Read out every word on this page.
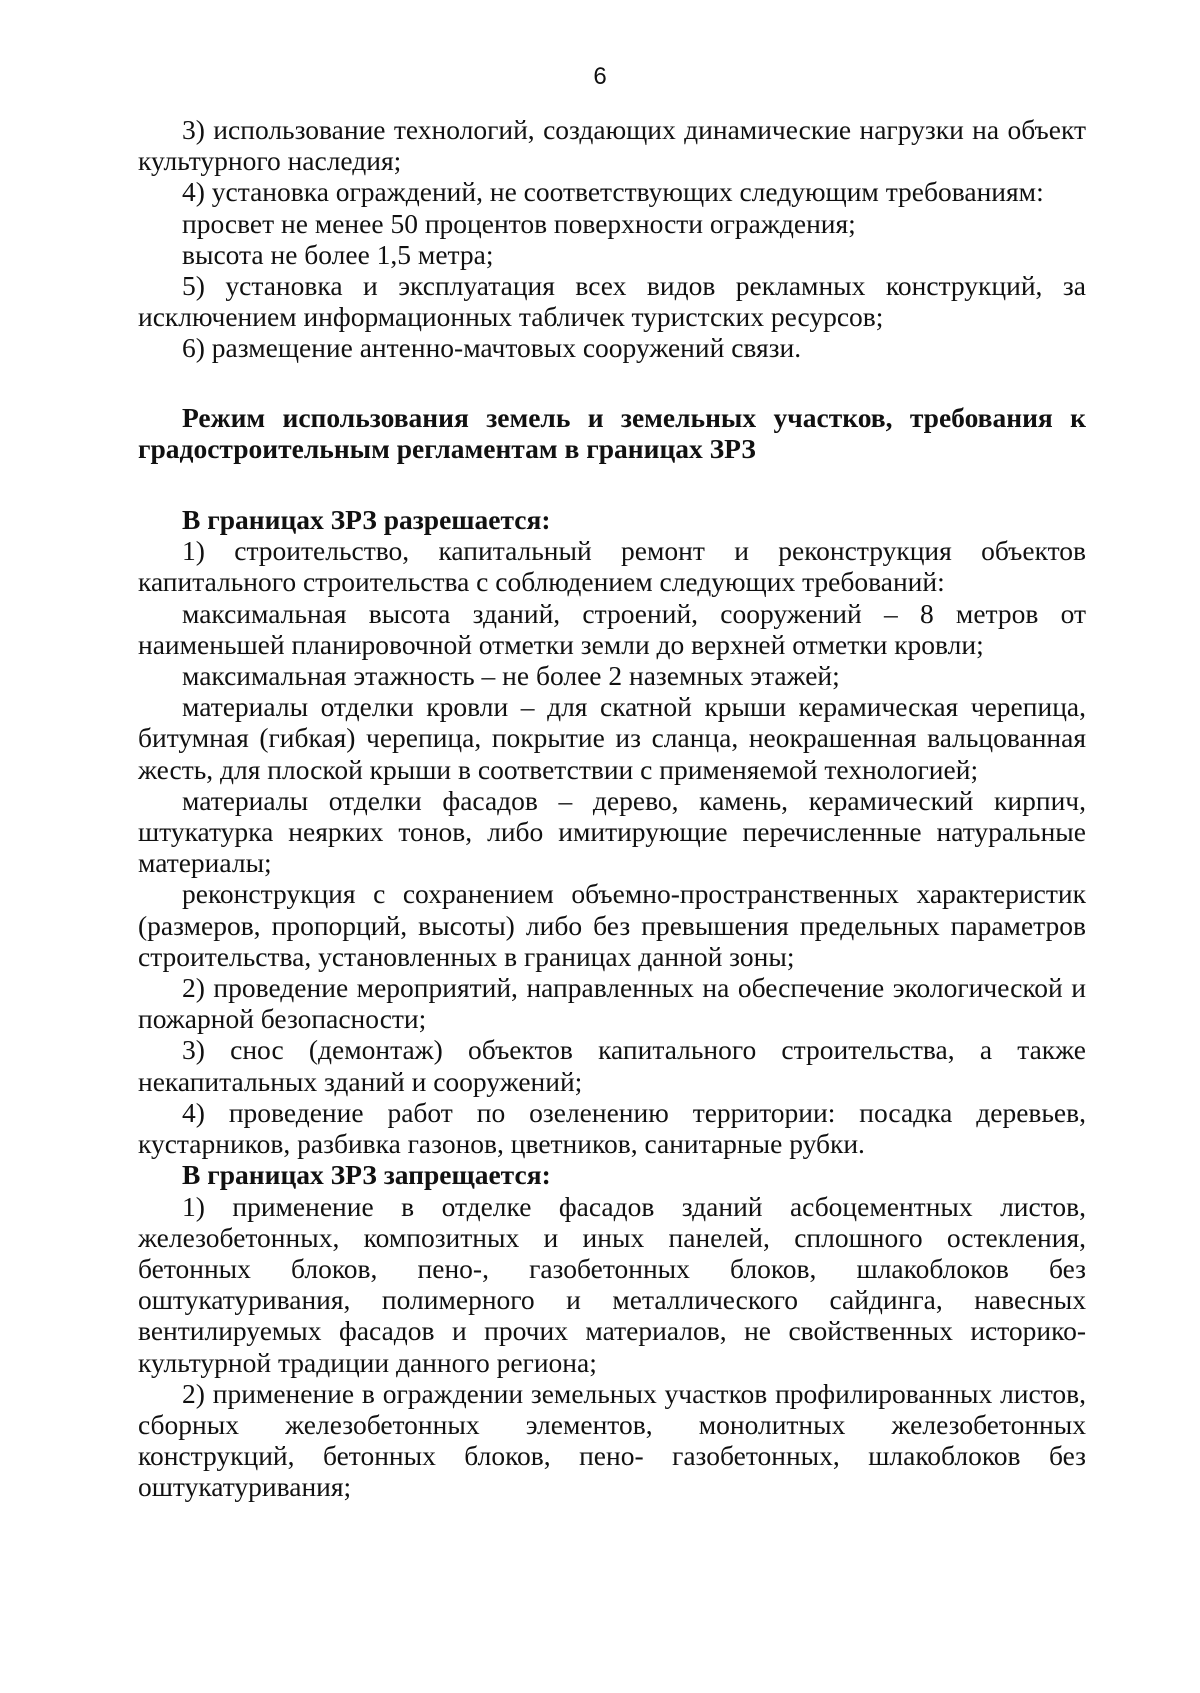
6

3) использование технологий, создающих динамические нагрузки на объект культурного наследия;

4) установка ограждений, не соответствующих следующим требованиям:

просвет не менее 50 процентов поверхности ограждения;

высота не более 1,5 метра;

5) установка и эксплуатация всех видов рекламных конструкций, за исключением информационных табличек туристских ресурсов;

6) размещение антенно-мачтовых сооружений связи.

Режим использования земель и земельных участков, требования к градостроительным регламентам в границах ЗРЗ

В границах ЗРЗ разрешается:

1) строительство, капитальный ремонт и реконструкция объектов капитального строительства с соблюдением следующих требований:

максимальная высота зданий, строений, сооружений – 8 метров от наименьшей планировочной отметки земли до верхней отметки кровли;

максимальная этажность – не более 2 наземных этажей;

материалы отделки кровли – для скатной крыши керамическая черепица, битумная (гибкая) черепица, покрытие из сланца, неокрашенная вальцованная жесть, для плоской крыши в соответствии с применяемой технологией;

материалы отделки фасадов – дерево, камень, керамический кирпич, штукатурка неярких тонов, либо имитирующие перечисленные натуральные материалы;

реконструкция с сохранением объемно-пространственных характеристик (размеров, пропорций, высоты) либо без превышения предельных параметров строительства, установленных в границах данной зоны;

2) проведение мероприятий, направленных на обеспечение экологической и пожарной безопасности;

3) снос (демонтаж) объектов капитального строительства, а также некапитальных зданий и сооружений;

4) проведение работ по озеленению территории: посадка деревьев, кустарников, разбивка газонов, цветников, санитарные рубки.

В границах ЗРЗ запрещается:

1) применение в отделке фасадов зданий асбоцементных листов, железобетонных, композитных и иных панелей, сплошного остекления, бетонных блоков, пено-, газобетонных блоков, шлакоблоков без оштукатуривания, полимерного и металлического сайдинга, навесных вентилируемых фасадов и прочих материалов, не свойственных историко-культурной традиции данного региона;

2) применение в ограждении земельных участков профилированных листов, сборных железобетонных элементов, монолитных железобетонных конструкций, бетонных блоков, пено- газобетонных, шлакоблоков без оштукатуривания;
